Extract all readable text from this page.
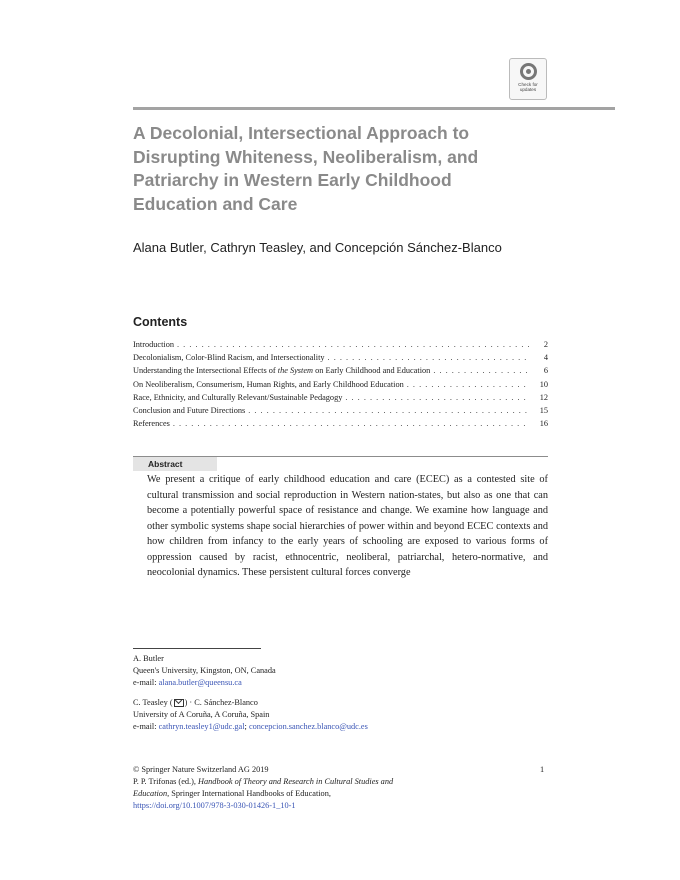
Check for
updates
A Decolonial, Intersectional Approach to
Disrupting Whiteness, Neoliberalism, and
Patriarchy in Western Early Childhood
Education and Care
Alana Butler, Cathryn Teasley, and Concepción Sánchez-Blanco
Contents
Introduction . . .	2
Decolonialism, Color-Blind Racism, and Intersectionality . . .	4
Understanding the Intersectional Effects of the System on Early Childhood and Education . . .	6
On Neoliberalism, Consumerism, Human Rights, and Early Childhood Education . . .	10
Race, Ethnicity, and Culturally Relevant/Sustainable Pedagogy . . .	12
Conclusion and Future Directions . . .	15
References . . .	16
Abstract

We present a critique of early childhood education and care (ECEC) as a contested site of cultural transmission and social reproduction in Western nation-states, but also as one that can become a potentially powerful space of resistance and change. We examine how language and other symbolic systems shape social hierarchies of power within and beyond ECEC contexts and how children from infancy to the early years of schooling are exposed to various forms of oppression caused by racist, ethnocentric, neoliberal, patriarchal, hetero-normative, and neocolonial dynamics. These persistent cultural forces converge

A. Butler
Queen's University, Kingston, ON, Canada
e-mail: alana.butler@queensu.ca
C. Teasley ( ) · C. Sánchez-Blanco
University of A Coruña, A Coruña, Spain
e-mail: cathryn.teasley1@udc.gal; concepcion.sanchez.blanco@udc.es
© Springer Nature Switzerland AG 2019
P. P. Trifonas (ed.), Handbook of Theory and Research in Cultural Studies and
Education, Springer International Handbooks of Education,
https://doi.org/10.1007/978-3-030-01426-1_10-1
1
